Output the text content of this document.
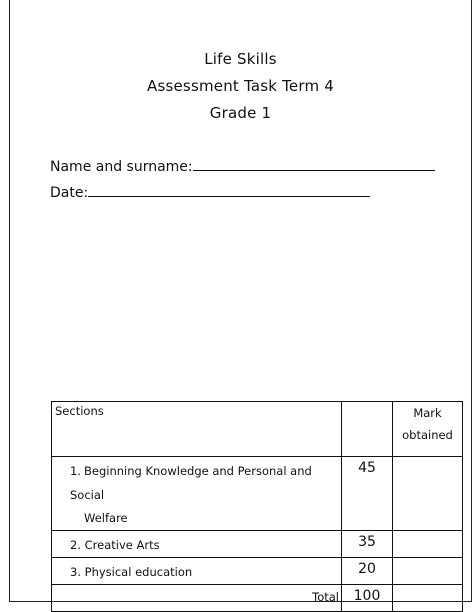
Life Skills
Assessment Task Term 4
Grade 1
Name and surname:
Date:
Sections		Mark
obtained

1. Beginning Knowledge and Personal and Social
Welfare	45	
2. Creative Arts	35	
3. Physical education	20	
Total	100	
